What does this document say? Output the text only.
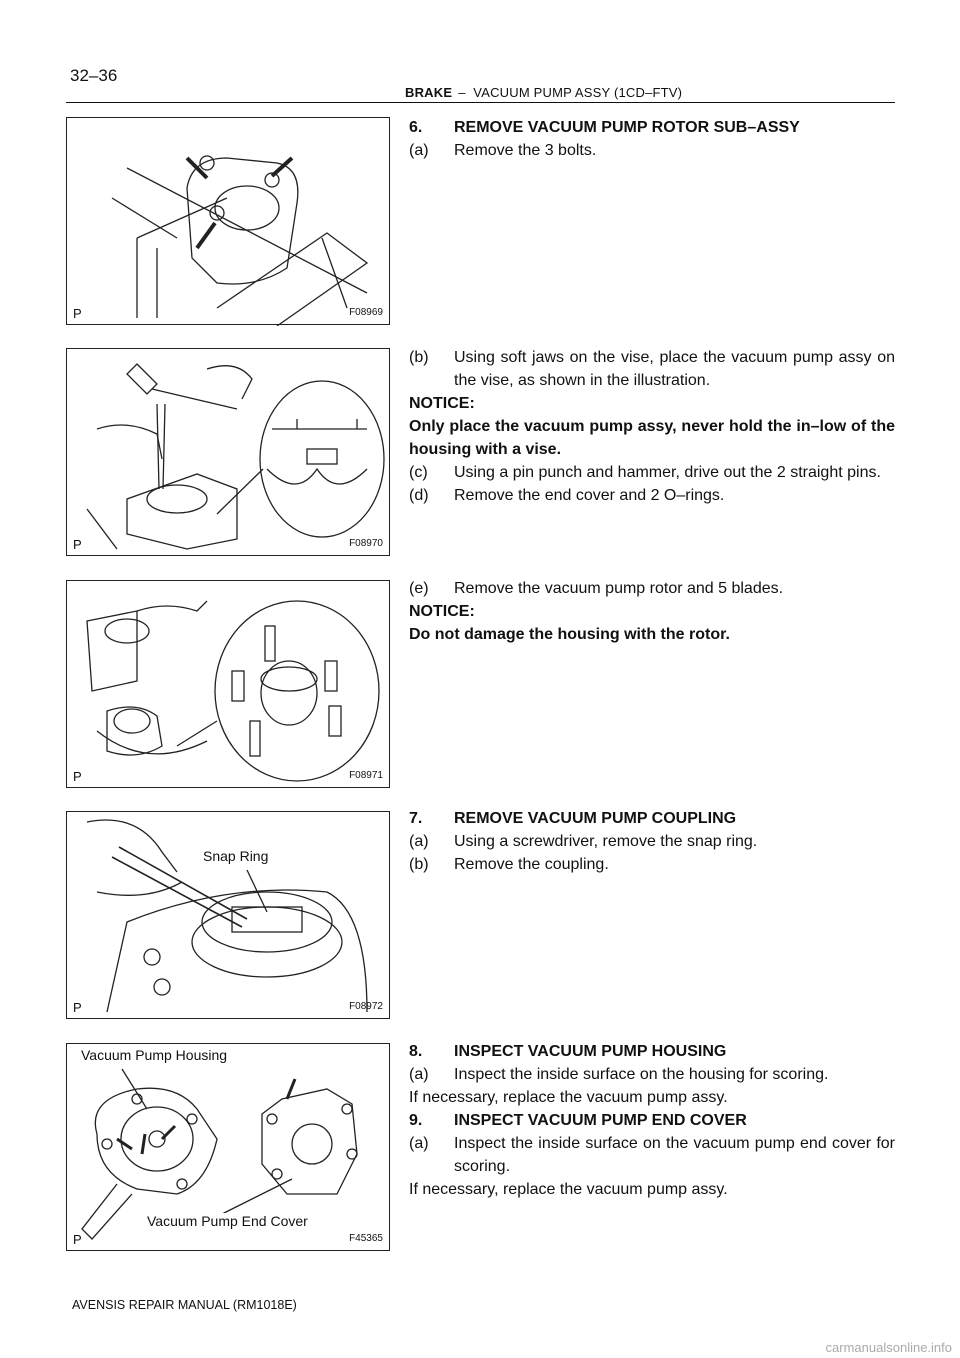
32–36
BRAKE – VACUUM PUMP ASSY (1CD–FTV)
P	F08969
P	F08970
P	F08971
Snap Ring
P	F08972
Vacuum Pump Housing
Vacuum Pump End Cover
P	F45365
6.	REMOVE VACUUM PUMP ROTOR SUB–ASSY
(a)	Remove the 3 bolts.
(b)	Using soft jaws on the vise, place the vacuum pump assy on the vise, as shown in the illustration.
NOTICE:
Only place the vacuum pump assy, never hold the in–low of the housing with a vise.
(c)	Using a pin punch and hammer, drive out the 2 straight pins.
(d)	Remove the end cover and 2 O–rings.
(e)	Remove the vacuum pump rotor and 5 blades.
NOTICE:
Do not damage the housing with the rotor.
7.	REMOVE VACUUM PUMP COUPLING
(a)	Using a screwdriver, remove the snap ring.
(b)	Remove the coupling.
8.	INSPECT VACUUM PUMP HOUSING
(a)	Inspect the inside surface on the housing for scoring.
If necessary, replace the vacuum pump assy.
9.	INSPECT VACUUM PUMP END COVER
(a)	Inspect the inside surface on the vacuum pump end cover for scoring.
If necessary, replace the vacuum pump assy.
AVENSIS REPAIR MANUAL (RM1018E)
carmanualsonline.info
